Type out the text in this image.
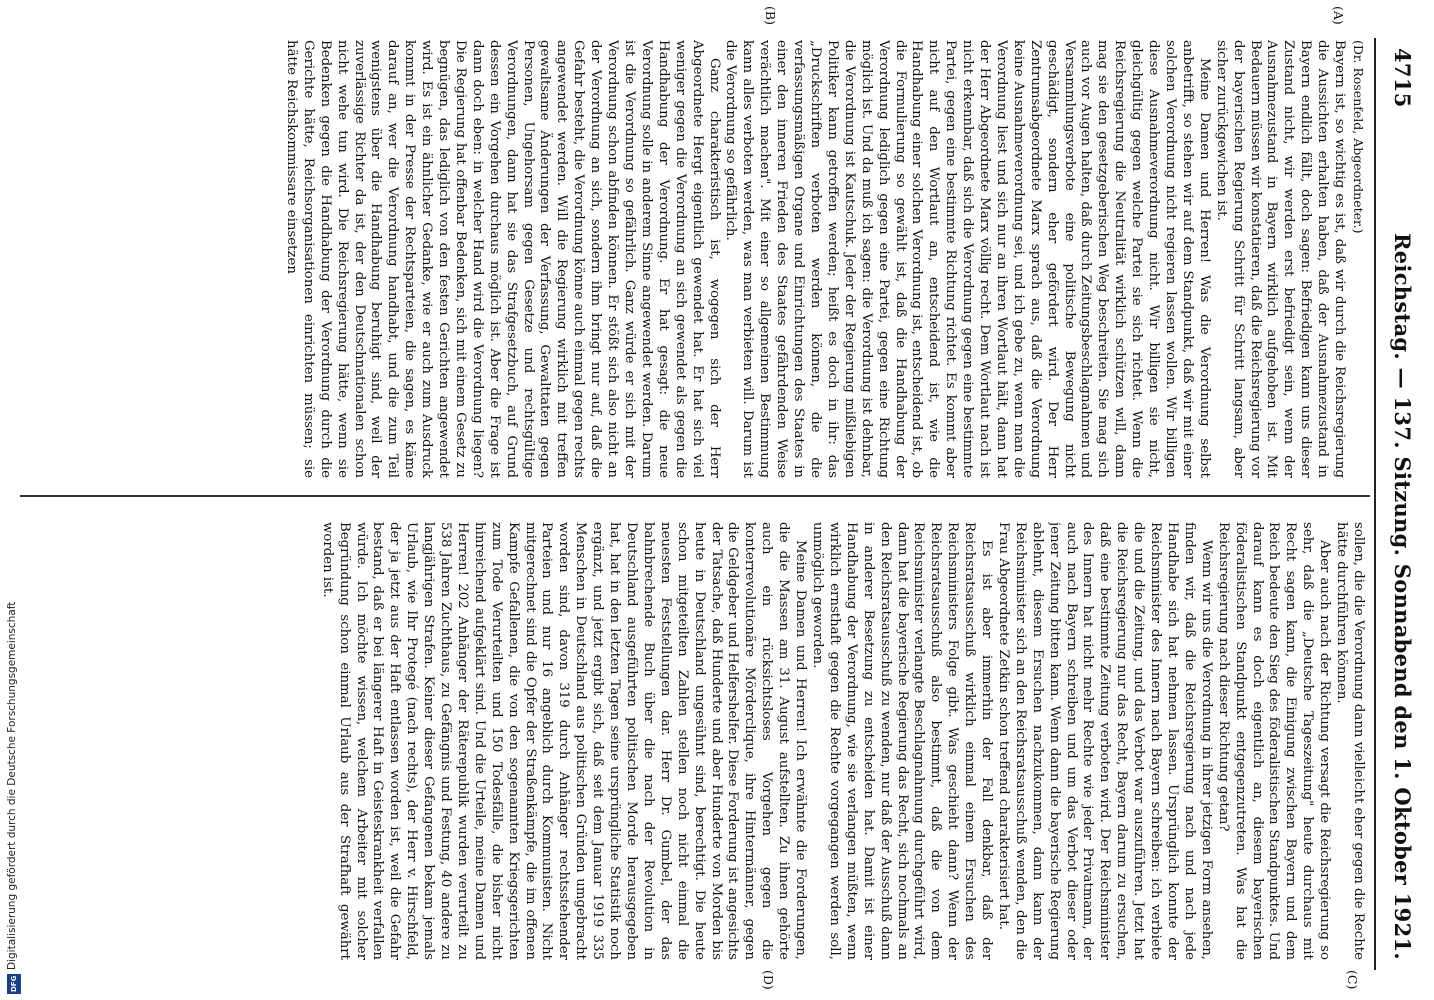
4715
Reichstag. — 137. Sitzung. Sonnabend den 1. Oktober 1921.
(A)
(B)
(C)
(D)

(Dr. Rosenfeld, Abgeordneter.)

Bayern ist, so wichtig es ist, daß wir durch die Reichsregierung die Aussichten erhalten haben, daß der Ausnahmezustand in Bayern endlich fällt, doch sagen: Befriedigen kann uns dieser Zustand nicht, wir werden erst befriedigt sein, wenn der Ausnahmezustand in Bayern wirklich aufgehoben ist. Mit Bedauern müssen wir konstatieren, daß die Reichsregierung vor der bayerischen Regierung Schritt für Schritt langsam, aber sicher zurückgewichen ist.

Meine Damen und Herren! Was die Verordnung selbst anbetrifft, so stehen wir auf dem Standpunkt, daß wir mit einer solchen Verordnung nicht regieren lassen wollen. Wir billigen diese Ausnahmeverordnung nicht. Wir billigen sie nicht, gleichgültig gegen welche Partei sie sich richtet. Wenn die Reichsregierung die Neutralität wirklich schützen will, dann mag sie den gesetzgeberischen Weg beschreiten. Sie mag sich auch vor Augen halten, daß durch Zeitungsbeschlagnahmen und Versammlungsverbote eine politische Bewegung nicht geschädigt, sondern eher gefördert wird. Der Herr Zentrumsabgeordnete Marx sprach aus, daß die Verordnung keine Ausnahmeverordnung sei, und ich gebe zu, wenn man die Verordnung liest und sich nur an ihren Wortlaut hält, dann hat der Herr Abgeordnete Marx völlig recht. Dem Wortlaut nach ist nicht erkennbar, daß sich die Verordnung gegen eine bestimmte Partei, gegen eine bestimmte Richtung richtet. Es kommt aber nicht auf den Wortlaut an, entscheidend ist, wie die Handhabung einer solchen Verordnung ist, entscheidend ist, ob die Formulierung so gewählt ist, daß die Handhabung der Verordnung lediglich gegen eine Partei, gegen eine Richtung möglich ist. Und da muß ich sagen: die Verordnung ist dehnbar, die Verordnung ist Kautschuk. Jeder der Regierung mißliebigen Politiker kann getroffen werden; heißt es doch in ihr: das „Druckschriften verboten werden können, die die verfassungsmäßigen Organe und Einrichtungen des Staates in einer den inneren Frieden des Staates gefährdenden Weise verächtlich machen". Mit einer so allgemeinen Bestimmung kann alles verboten werden, was man verbieten will. Darum ist die Verordnung so gefährlich.

Ganz charakteristisch ist, wogegen sich der Herr Abgeordnete Hergt eigentlich gewendet hat. Er hat sich viel weniger gegen die Verordnung an sich gewendet als gegen die Handhabung der Verordnung. Er hat gesagt: die neue Verordnung solle in anderem Sinne angewendet werden. Darum ist die Verordnung so gefährlich. Ganz würde er sich mit der Verordnung schon abfinden können. Er stößt sich also nicht an der Verordnung an sich, sondern ihm bringt nur auf, daß die Gefahr besteht, die Verordnung könne auch einmal gegen rechts angewendet werden. Will die Regierung wirklich mit treffen gewaltsame Änderungen der Verfassung, Gewalttaten gegen Personen, Ungehorsam gegen Gesetze und rechtsgültige Verordnungen, dann hat sie das Strafgesetzbuch, auf Grund dessen ein Vorgehen durchaus möglich ist. Aber die Frage ist dann doch eben: in welcher Hand wird die Verordnung liegen? Die Regierung hat offenbar Bedenken, sich mit einem Gesetz zu begnügen, das lediglich von den festen Gerichten angewendet wird. Es ist ein ähnlicher Gedanke, wie er auch zum Ausdruck kommt in der Presse der Rechtsparteien, die sagen, es käme darauf an, wer die Verordnung handhabt, und die zum Teil wenigstens über die Handhabung beruhigt sind, weil der zuverlässige Richter da ist, der den Deutschnationalen schon nicht wehe tun wird. Die Reichsregierung hätte, wenn sie Bedenken gegen die Handhabung der Verordnung durch die Gerichte hätte, Reichsorganisationen einrichten müssen; sie hätte Reichskommissare einsetzen

sollen, die die Verordnung dann vielleicht eher gegen die Rechte hätte durchführen können.

Aber auch nach der Richtung versagt die Reichsregierung so sehr, daß die „Deutsche Tageszeitung" heute durchaus mit Recht sagen kann, die Einigung zwischen Bayern und dem Reich bedeute den Sieg des föderalistischen Standpunktes. Und darauf kann es doch eigentlich an, diesem bayerischen föderalistischen Standpunkt entgegenzutreten. Was hat die Reichsregierung nach dieser Richtung getan?

Wenn wir uns die Verordnung in ihrer jetzigen Form ansehen, finden wir, daß die Reichsregierung nach und nach jede Handhabe sich hat nehmen lassen. Ursprünglich konnte der Reichsminister des Innern nach Bayern schreiben: ich verbiete die und die Zeitung, und das Verbot war auszuführen. Jetzt hat die Reichsregierung nur das Recht, Bayern darum zu ersuchen, daß eine bestimmte Zeitung verboten wird. Der Reichsminister des Innern hat nicht mehr Rechte wie jeder Privatmann, der auch nach Bayern schreiben und um das Verbot dieser oder jener Zeitung bitten kann. Wenn dann die bayerische Regierung ablehnt, diesem Ersuchen nachzukommen, dann kann der Reichsminister sich an den Reichsratsausschuß wenden, den die Frau Abgeordnete Zetkin schon treffend charakterisiert hat.

Es ist aber immerhin der Fall denkbar, daß der Reichsratsausschuß wirklich einmal einem Ersuchen des Reichsministers Folge gibt. Was geschieht dann? Wenn der Reichsratsausschuß also bestimmt, daß die von dem Reichsminister verlangte Beschlagnahmung durchgeführt wird, dann hat die bayerische Regierung das Recht, sich nochmals an den Reichsratsausschuß zu wenden, nur daß der Ausschuß dann in anderer Besetzung zu entscheiden hat. Damit ist einer Handhabung der Verordnung, wie sie verlangen müßten, wenn wirklich ernsthaft gegen die Rechte vorgegangen werden soll, unmöglich geworden.

Meine Damen und Herren! Ich erwähnte die Forderungen, die die Massen am 31. August aufstellten. Zu ihnen gehörte auch ein rücksichtsloses Vorgehen gegen die konterrevolutionäre Mörderclique, ihre Hintermänner, gegen die Geldgeber und Helfershelfer. Diese Forderung ist angesichts der Tatsache, daß Hunderte und aber Hunderte von Morden bis heute in Deutschland ungesühnt sind, berechtigt. Die heute schon mitgeteilten Zahlen stellen noch nicht einmal die neuesten Feststellungen dar. Herr Dr. Gumbel, der das bahnbrechende Buch über die nach der Revolution in Deutschland ausgeführten politischen Morde herausgegeben hat, hat in den letzten Tagen seine ursprüngliche Statistik noch ergänzt, und jetzt ergibt sich, daß seit dem Januar 1919 335 Menschen in Deutschland aus politischen Gründen umgebracht worden sind, davon 319 durch Anhänger rechtsstehender Parteien und nur 16 angeblich durch Kommunisten. Nicht mitgerechnet sind die Opfer der Straßenkämpfe, die im offenen Kampfe Gefallenen, die von den sogenannten Kriegsgerichten zum Tode Verurteilten und 150 Todesfälle, die bisher nicht hinreichend aufgeklärt sind. Und die Urteile, meine Damen und Herren! 202 Anhänger der Räterepublik wurden verurteilt zu 538 Jahren Zuchthaus, zu Gefängnis und Festung, 40 andere zu langjährigen Strafen. Keiner dieser Gefangenen bekam jemals Urlaub, wie Ihr Protegé (nach rechts), der Herr v. Hirschfeld, der ja jetzt aus der Haft entlassen worden ist, weil die Gefahr bestand, daß er bei längerer Haft in Geisteskrankheit verfallen würde. Ich möchte wissen, welchem Arbeiter mit solcher Begründung schon einmal Urlaub aus der Strafhaft gewährt worden ist.

Digitalisierung gefördert durch die Deutsche Forschungsgemeinschaft
DFG
